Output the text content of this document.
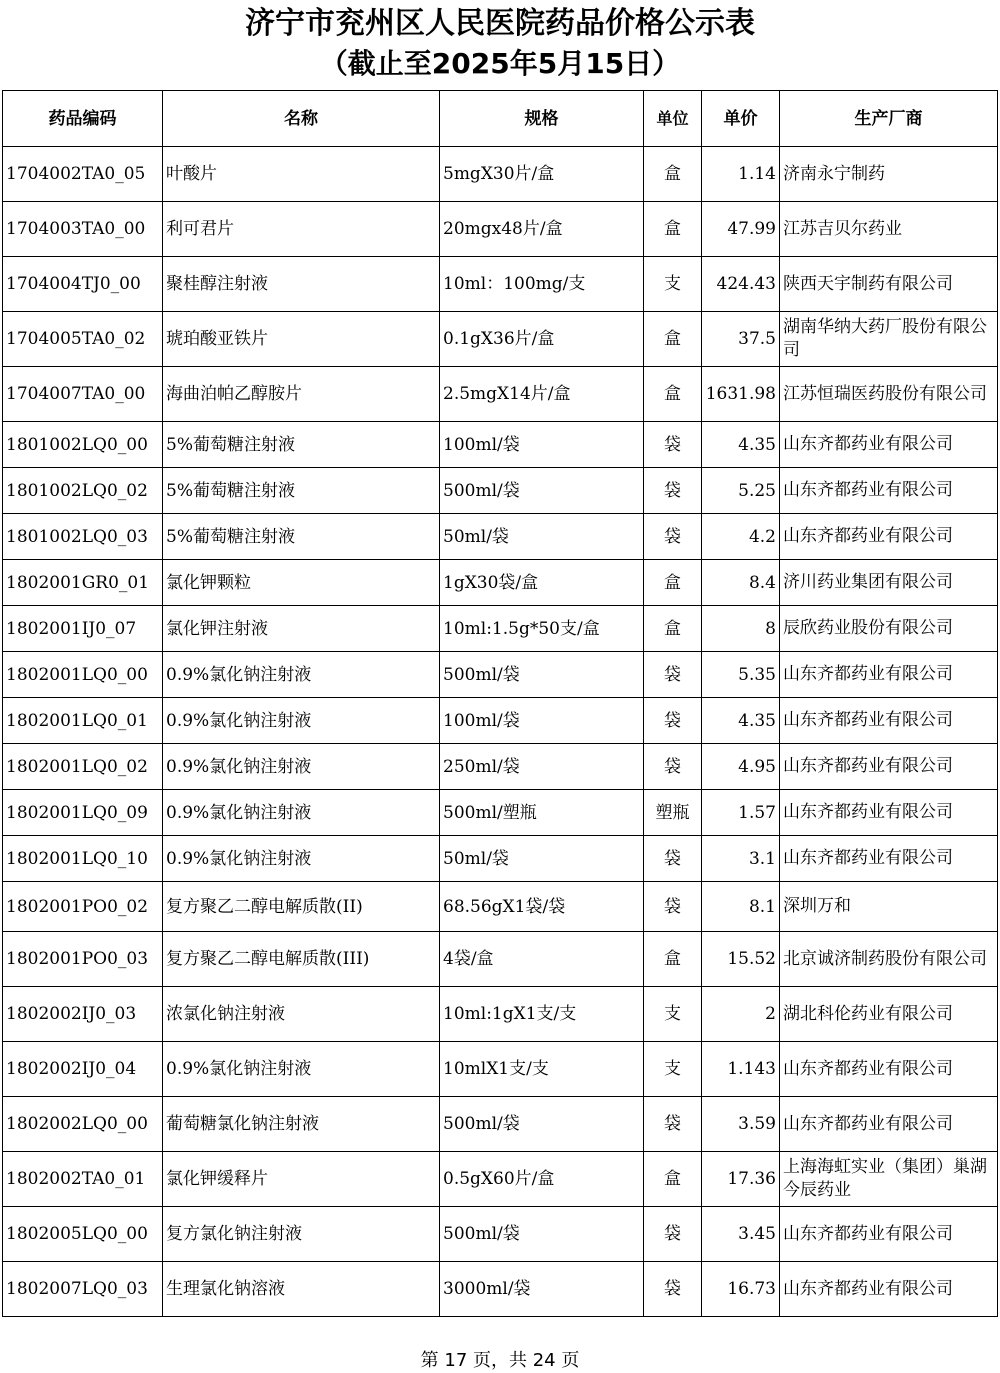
济宁市兖州区人民医院药品价格公示表
（截止至2025年5月15日）
药品编码	名称	规格	单位	单价	生产厂商
1704002TA0_05	叶酸片	5mgX30片/盒	盒	1.14	济南永宁制药
1704003TA0_00	利可君片	20mgx48片/盒	盒	47.99	江苏吉贝尔药业
1704004TJ0_00	聚桂醇注射液	10ml：100mg/支	支	424.43	陕西天宇制药有限公司
1704005TA0_02	琥珀酸亚铁片	0.1gX36片/盒	盒	37.5	湖南华纳大药厂股份有限公司
1704007TA0_00	海曲泊帕乙醇胺片	2.5mgX14片/盒	盒	1631.98	江苏恒瑞医药股份有限公司
1801002LQ0_00	5%葡萄糖注射液	100ml/袋	袋	4.35	山东齐都药业有限公司
1801002LQ0_02	5%葡萄糖注射液	500ml/袋	袋	5.25	山东齐都药业有限公司
1801002LQ0_03	5%葡萄糖注射液	50ml/袋	袋	4.2	山东齐都药业有限公司
1802001GR0_01	氯化钾颗粒	1gX30袋/盒	盒	8.4	济川药业集团有限公司
1802001IJ0_07	氯化钾注射液	10ml:1.5g*50支/盒	盒	8	辰欣药业股份有限公司
1802001LQ0_00	0.9%氯化钠注射液	500ml/袋	袋	5.35	山东齐都药业有限公司
1802001LQ0_01	0.9%氯化钠注射液	100ml/袋	袋	4.35	山东齐都药业有限公司
1802001LQ0_02	0.9%氯化钠注射液	250ml/袋	袋	4.95	山东齐都药业有限公司
1802001LQ0_09	0.9%氯化钠注射液	500ml/塑瓶	塑瓶	1.57	山东齐都药业有限公司
1802001LQ0_10	0.9%氯化钠注射液	50ml/袋	袋	3.1	山东齐都药业有限公司
1802001PO0_02	复方聚乙二醇电解质散(II)	68.56gX1袋/袋	袋	8.1	深圳万和
1802001PO0_03	复方聚乙二醇电解质散(III)	4袋/盒	盒	15.52	北京诚济制药股份有限公司
1802002IJ0_03	浓氯化钠注射液	10ml:1gX1支/支	支	2	湖北科伦药业有限公司
1802002IJ0_04	0.9%氯化钠注射液	10mlX1支/支	支	1.143	山东齐都药业有限公司
1802002LQ0_00	葡萄糖氯化钠注射液	500ml/袋	袋	3.59	山东齐都药业有限公司
1802002TA0_01	氯化钾缓释片	0.5gX60片/盒	盒	17.36	上海海虹实业（集团）巢湖今辰药业
1802005LQ0_00	复方氯化钠注射液	500ml/袋	袋	3.45	山东齐都药业有限公司
1802007LQ0_03	生理氯化钠溶液	3000ml/袋	袋	16.73	山东齐都药业有限公司
第 17 页，共 24 页
